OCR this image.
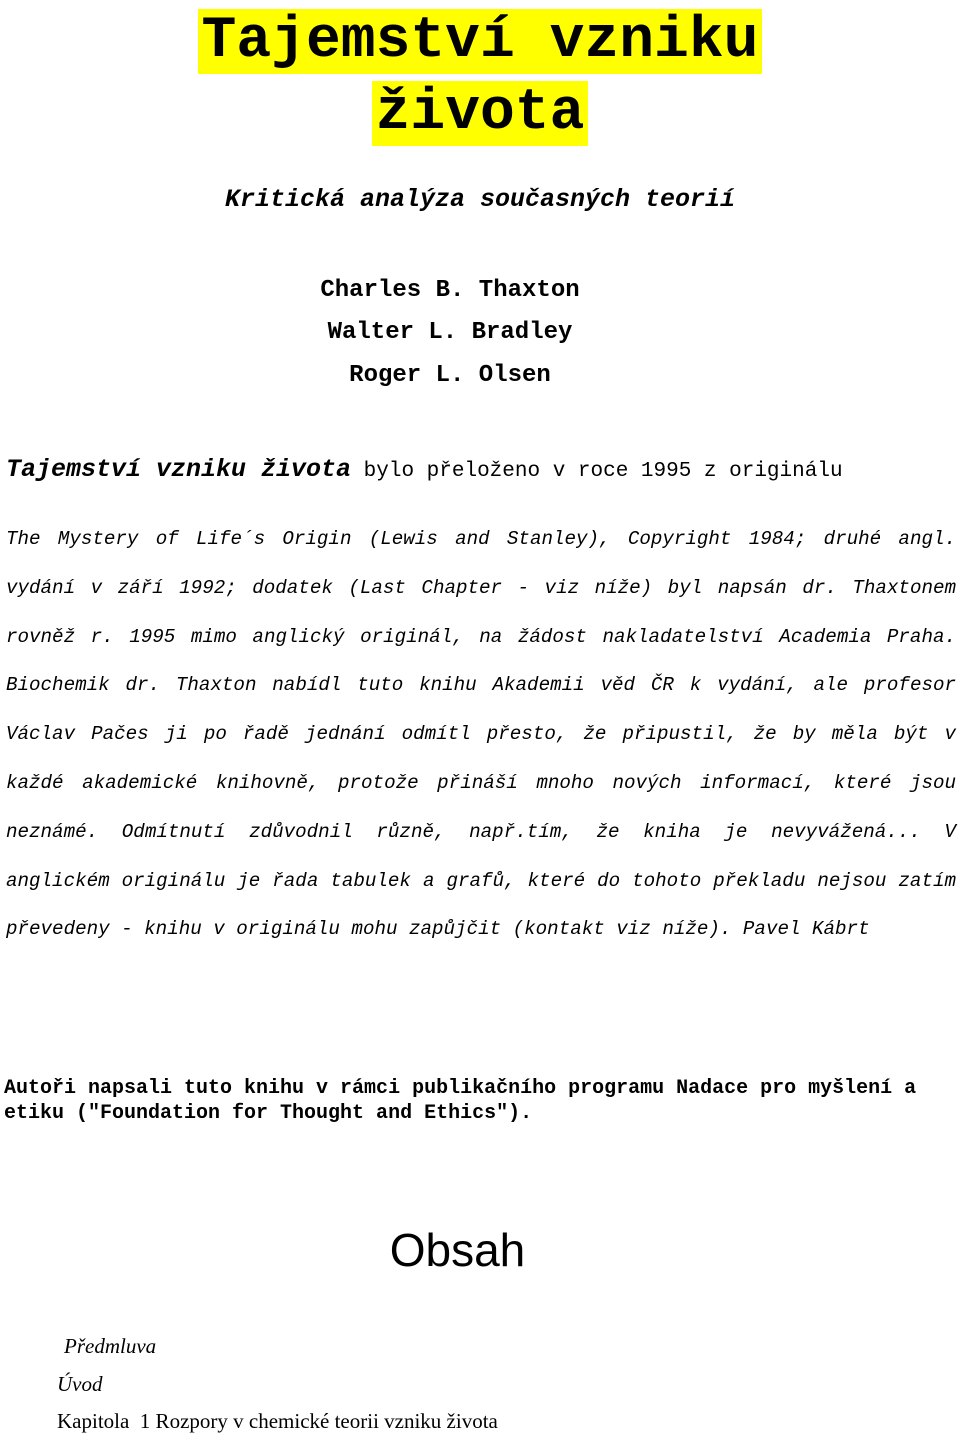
Tajemství vzniku
života
Kritická analýza současných teorií
Charles B. Thaxton
Walter L. Bradley
Roger L. Olsen
Tajemství vzniku života bylo přeloženo v roce 1995 z originálu
The Mystery of Life´s Origin (Lewis and Stanley), Copyright 1984; druhé angl. vydání v září 1992; dodatek (Last Chapter - viz níže) byl napsán dr. Thaxtonem rovněž r. 1995 mimo anglický originál, na žádost nakladatelství Academia Praha. Biochemik dr. Thaxton nabídl tuto knihu Akademii věd ČR k vydání, ale profesor Václav Pačes ji po řadě jednání odmítl přesto, že připustil, že by měla být v každé akademické knihovně, protože přináší mnoho nových informací, které jsou neznámé. Odmítnutí zdůvodnil různě, např.tím, že kniha je nevyvážená... V anglickém originálu je řada tabulek a grafů, které do tohoto překladu nejsou zatím převedeny - knihu v originálu mohu zapůjčit (kontakt viz níže). Pavel Kábrt
Autoři napsali tuto knihu v rámci publikačního programu Nadace pro myšlení a etiku ("Foundation for Thought and Ethics").
Obsah
Předmluva
Úvod
Kapitola  1 Rozpory v chemické teorii vzniku života
